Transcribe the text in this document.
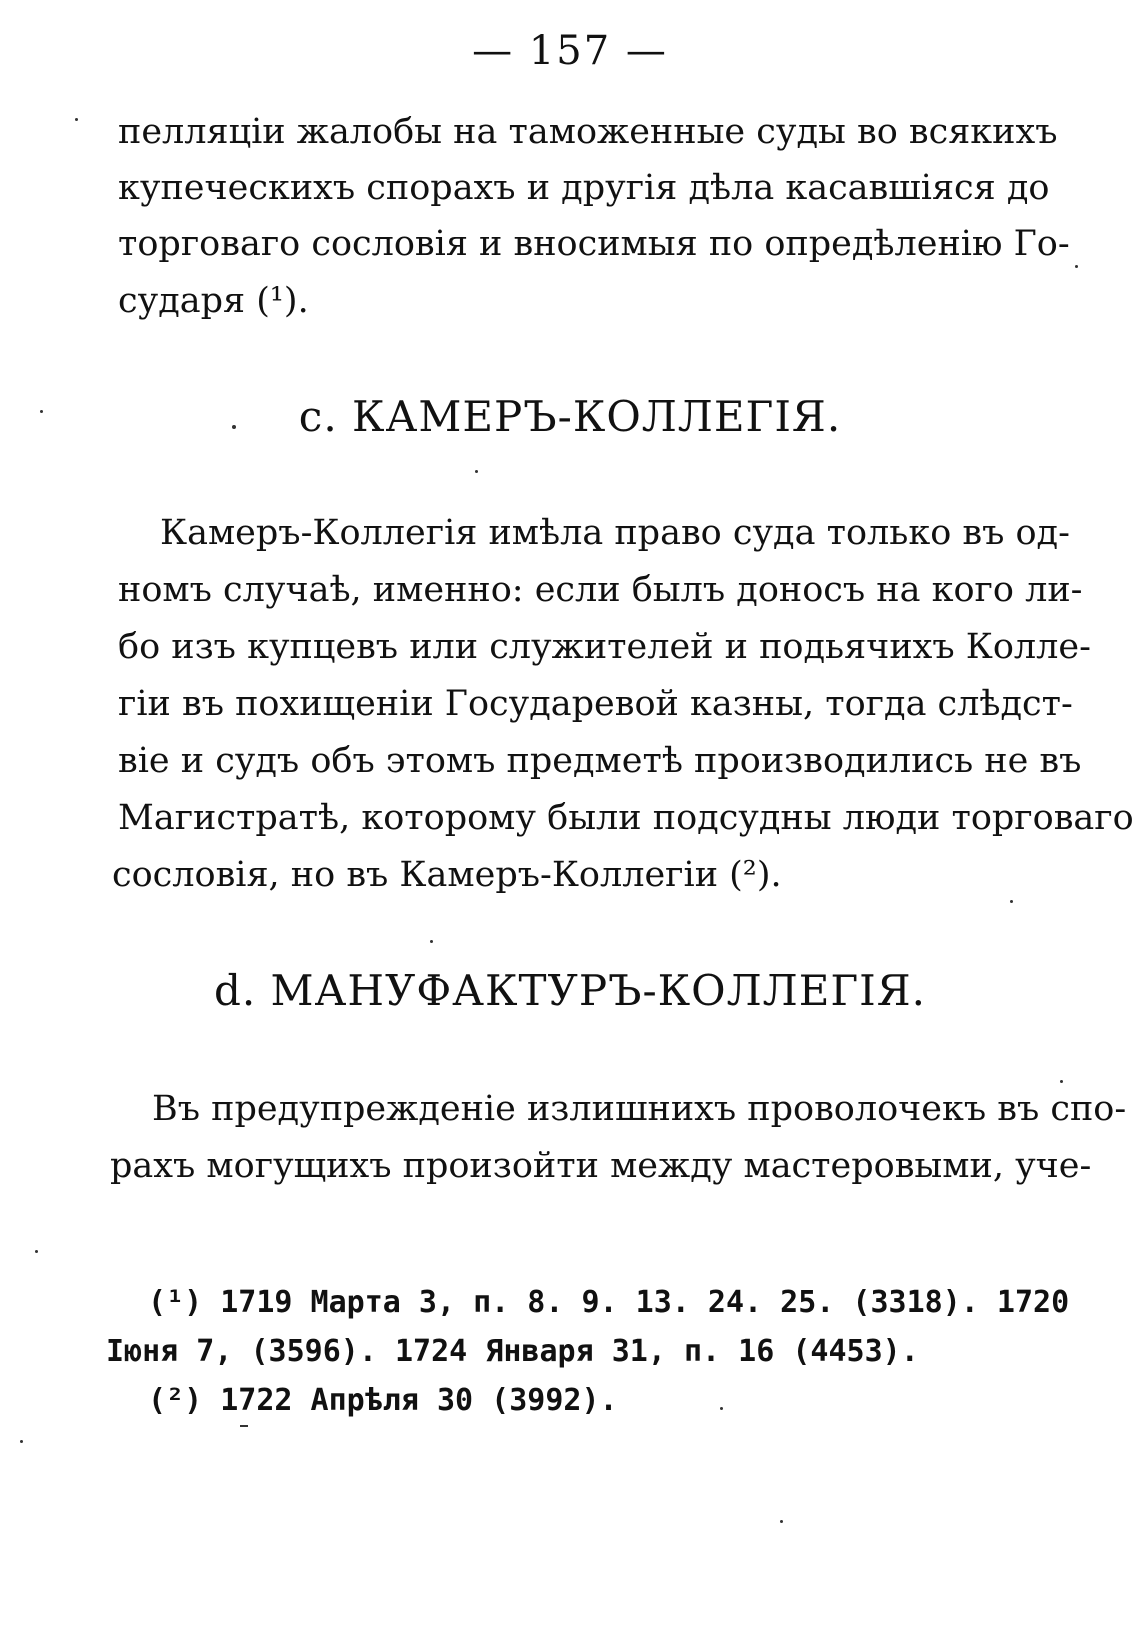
— 157 —
пелляцiи жалобы на таможенные суды во всякихъ
купеческихъ спорахъ и другiя дѣла касавшiяся до
торговаго сословiя и вносимыя по опредѣленiю Го-
сударя (¹).
с. КАМЕРЪ-КОЛЛЕГIЯ.
Камеръ-Коллегiя имѣла право суда только въ од-
номъ случаѣ, именно: если былъ доносъ на кого ли-
бо изъ купцевъ или служителей и подьячихъ Колле-
гiи въ похищенiи Государевой казны, тогда слѣдст-
вiе и судъ объ этомъ предметѣ производились не въ
Магистратѣ, которому были подсудны люди торговаго
сословiя, но въ Камеръ-Коллегiи (²).
d. МАНУФАКТУРЪ-КОЛЛЕГIЯ.
Въ предупрежденiе излишнихъ проволочекъ въ спо-
рахъ могущихъ произойти между мастеровыми, уче-
(¹) 1719 Марта 3, п. 8. 9. 13. 24. 25. (3318). 1720
Iюня 7, (3596). 1724 Января 31, п. 16 (4453).
(²) 1722 Апрѣля 30 (3992).
